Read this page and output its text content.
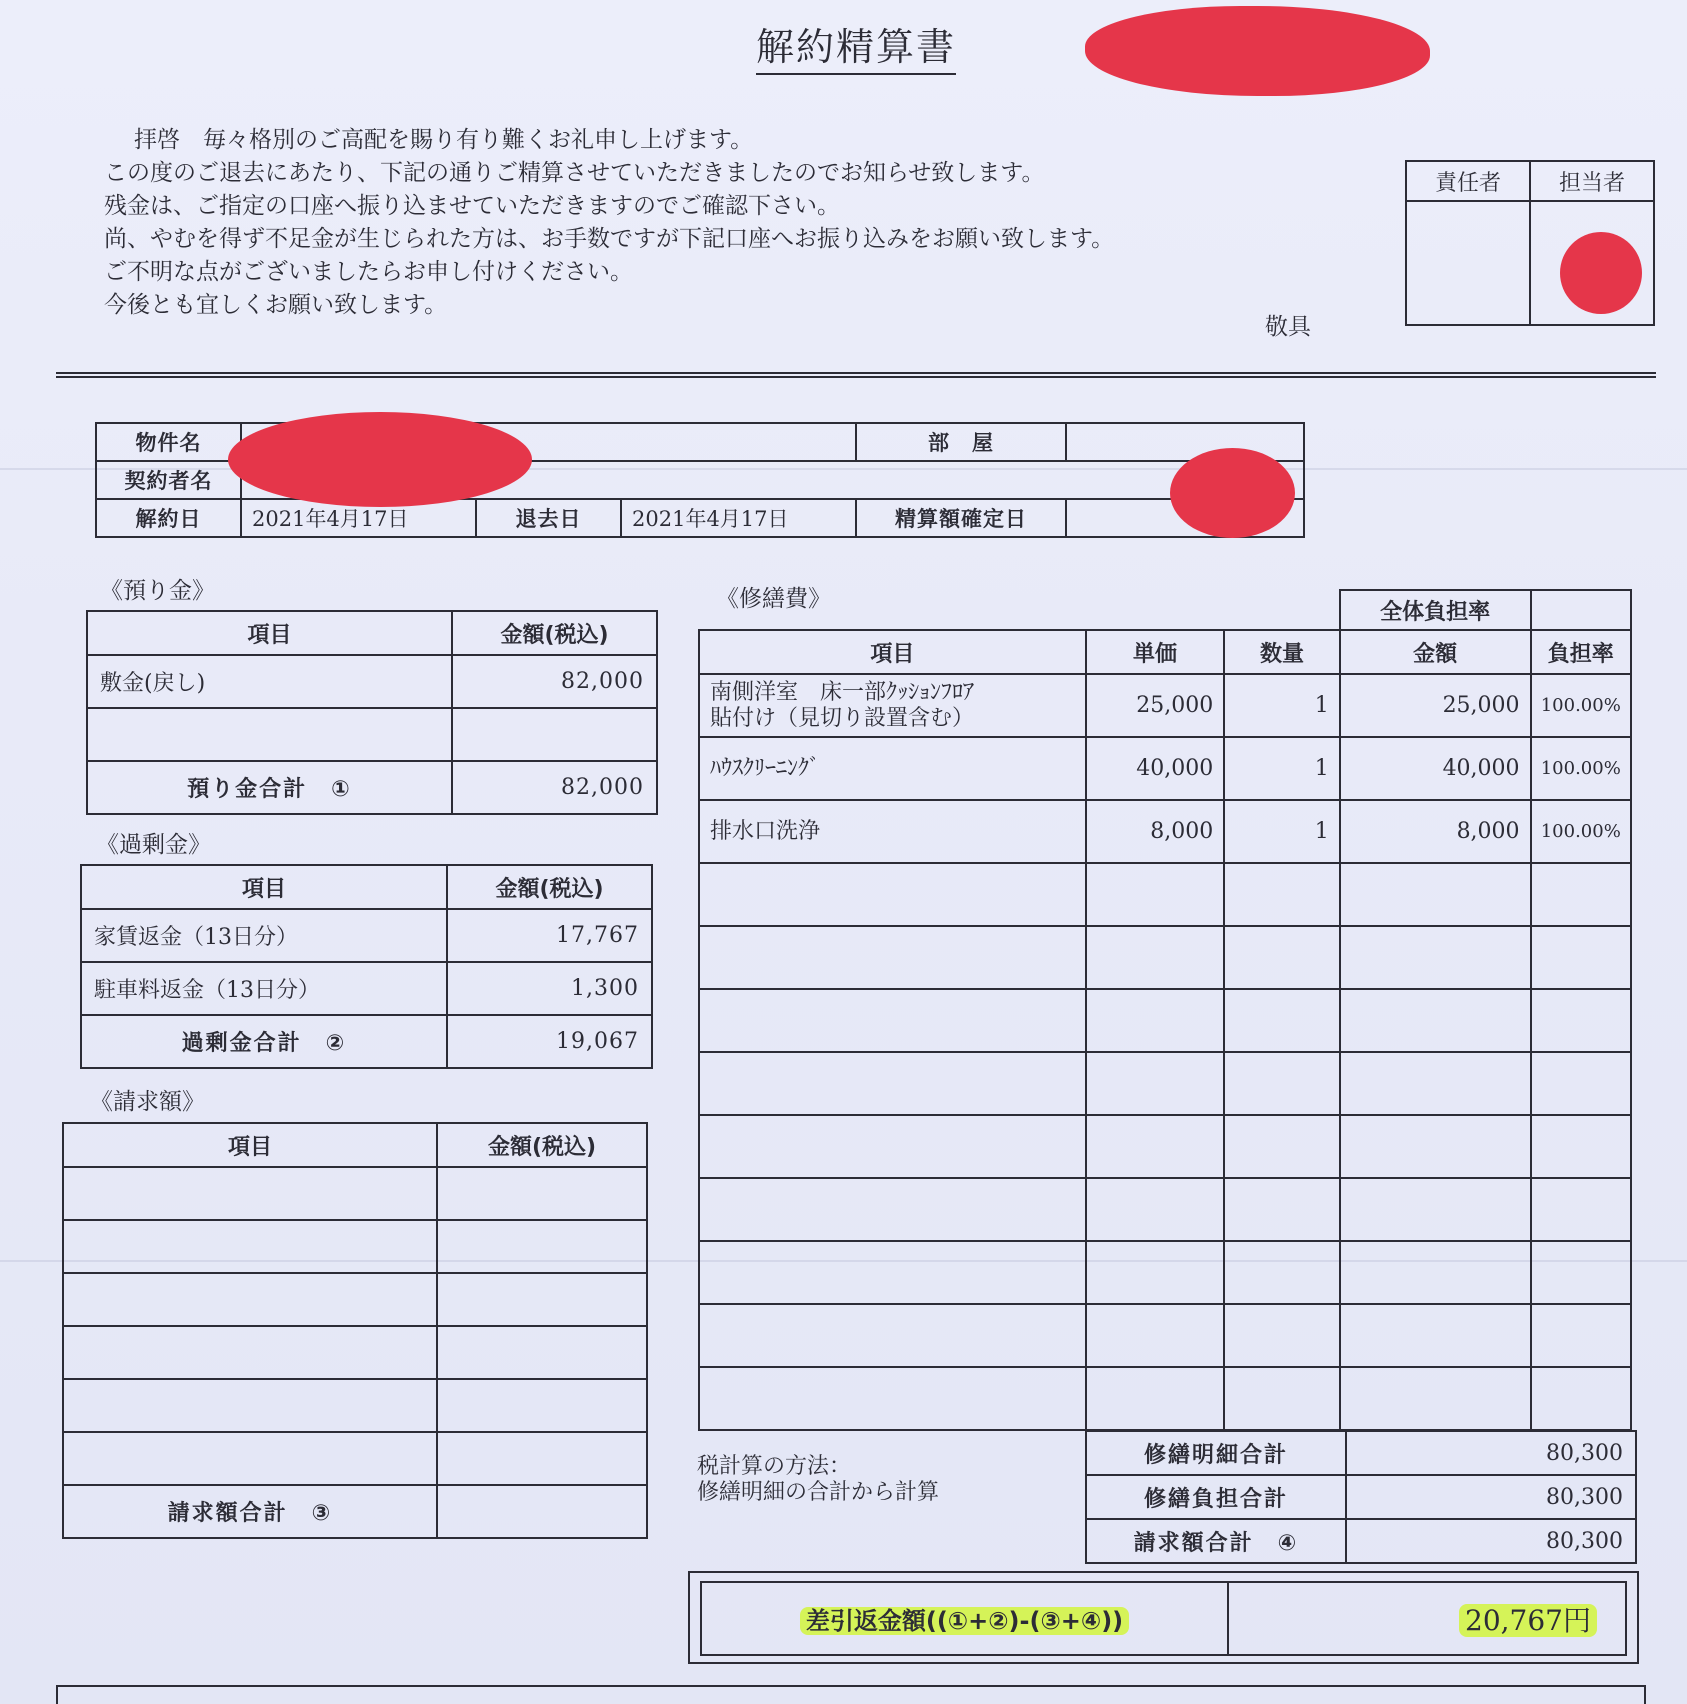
解約精算書

拝啓　毎々格別のご高配を賜り有り難くお礼申し上げます。

この度のご退去にあたり、下記の通りご精算させていただきましたのでお知らせ致します。

残金は、ご指定の口座へ振り込ませていただきますのでご確認下さい。

尚、やむを得ず不足金が生じられた方は、お手数ですが下記口座へお振り込みをお願い致します。

ご不明な点がございましたらお申し付けください。

今後とも宜しくお願い致します。

敬具
責任者	担当者

物件名				部　屋	
契約者名					
解約日	2021年4月17日	退去日	2021年4月17日	精算額確定日	
《預り金》
項目	金額(税込)
敷金(戻し)	82,000

預り金合計　①	82,000
《過剰金》
項目	金額(税込)
家賃返金（13日分）	17,767
駐車料返金（13日分）	1,300
過剰金合計　②	19,067
《請求額》
項目	金額(税込)

請求額合計　③	
《修繕費》
			全体負担率	
項目	単価	数量	金額	負担率

南側洋室　床一部ｸｯｼｮﾝﾌﾛｱ
貼付け（見切り設置含む）	25,000	1	25,000	100.00%
ﾊｳｽｸﾘｰﾆﾝｸﾞ	40,000	1	40,000	100.00%
排水口洗浄	8,000	1	8,000	100.00%

税計算の方法：
修繕明細の合計から計算
修繕明細合計	80,300
修繕負担合計	80,300
請求額合計　④	80,300
差引返金額((①+②)-(③+④))	20,767円
